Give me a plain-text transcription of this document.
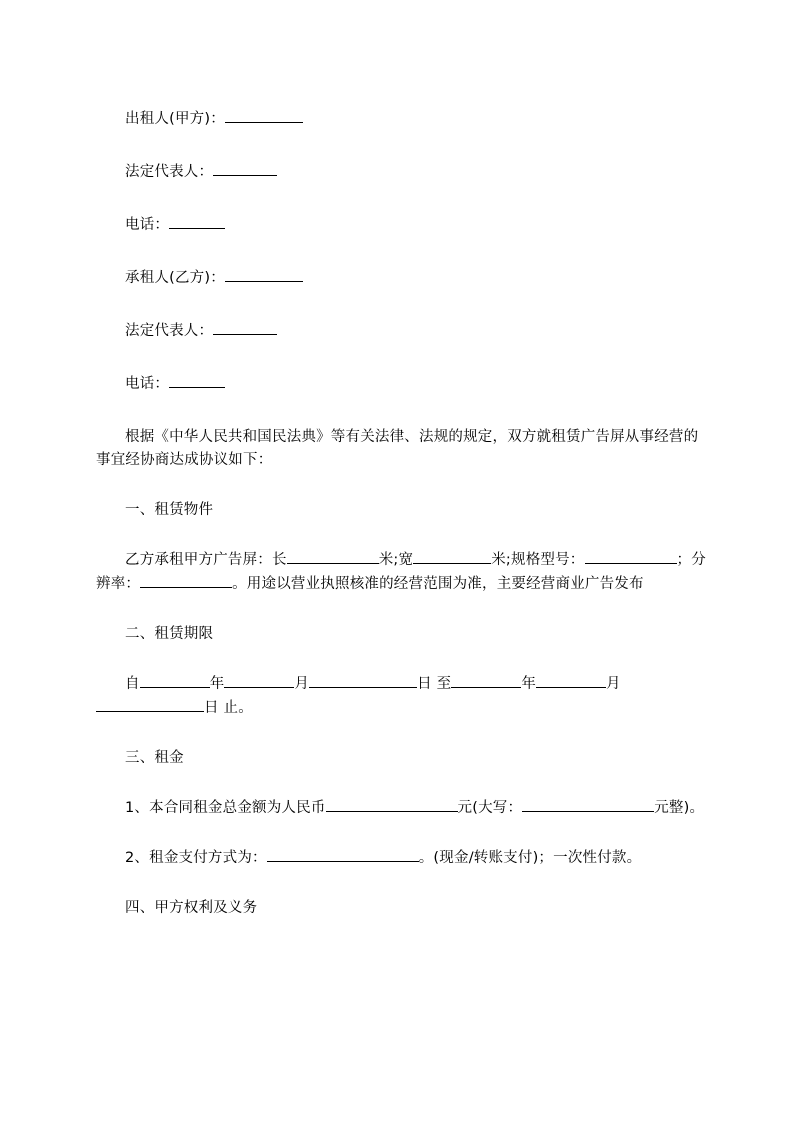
出租人(甲方)：

法定代表人：

电话：

承租人(乙方)：

法定代表人：

电话：

根据《中华人民共和国民法典》等有关法律、法规的规定，双方就租赁广告屏从事经营的事宜经协商达成协议如下：

一、租赁物件

乙方承租甲方广告屏：长	米;宽	米;规格型号：	；分辨率：	。用途以营业执照核准的经营范围为准，主要经营商业广告发布

二、租赁期限

自	年	月	日 至	年	月日 止。

三、租金

1、本合同租金总金额为人民币	元(大写：	元整)。

2、租金支付方式为：	。(现金/转账支付)；一次性付款。

四、甲方权利及义务
